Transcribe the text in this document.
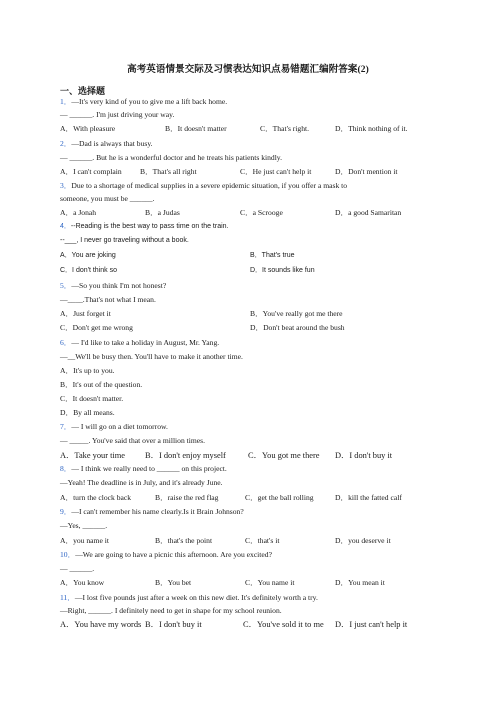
高考英语情景交际及习惯表达知识点易错题汇编附答案(2)
一、选择题
1．—It's very kind of you to give me a lift back home.
— ______. I'm just driving your way.
A．With pleasure	B．It doesn't matter	C．That's right.	D．Think nothing of it.
2．—Dad is always that busy.
— ______. But he is a wonderful doctor and he treats his patients kindly.
A．I can't complain B．That's all right	C．He just can't help it	D．Don't mention it
3．Due to a shortage of medical supplies in a severe epidemic situation, if you offer a mask to
someone, you must be ______.
A．a Jonah	B．a Judas	C．a Scrooge	D．a good Samaritan
4．--Reading is the best way to pass time on the train.
--___, I never go traveling without a book.
A．You are joking	B．That's true
C．I don't think so	D．It sounds like fun
5．—So you think I'm not honest?
—____.That's not what I mean.
A．Just forget it	B．You've really got me there
C．Don't get me wrong	D．Don't beat around the bush
6．— I'd like to take a holiday in August, Mr. Yang.
—__We'll be busy then. You'll have to make it another time.
A．It's up to you.
B．It's out of the question.
C．It doesn't matter.
D．By all means.
7．— I will go on a diet tomorrow.
— _____. You've said that over a million times.
A．Take your time B．I don't enjoy myself	C．You got me there D．I don't buy it
8．— I think we really need to ______ on this project.
—Yeah! The deadline is in July, and it's already June.
A．turn the clock back	B．raise the red flag	C．get the ball rolling	D．kill the fatted calf
9．—I can't remember his name clearly.Is it Brain Johnson?
—Yes, ______.
A．you name it	B．that's the point	C．that's it	D．you deserve it
10．—We are going to have a picnic this afternoon. Are you excited?
— ______.
A．You know	B．You bet	C．You name it	D．You mean it
11．—I lost five pounds just after a week on this new diet. It's definitely worth a try.
—Right, ______. I definitely need to get in shape for my school reunion.
A．You have my words B．I don't buy it	C．You've sold it to me D．I just can't help it
